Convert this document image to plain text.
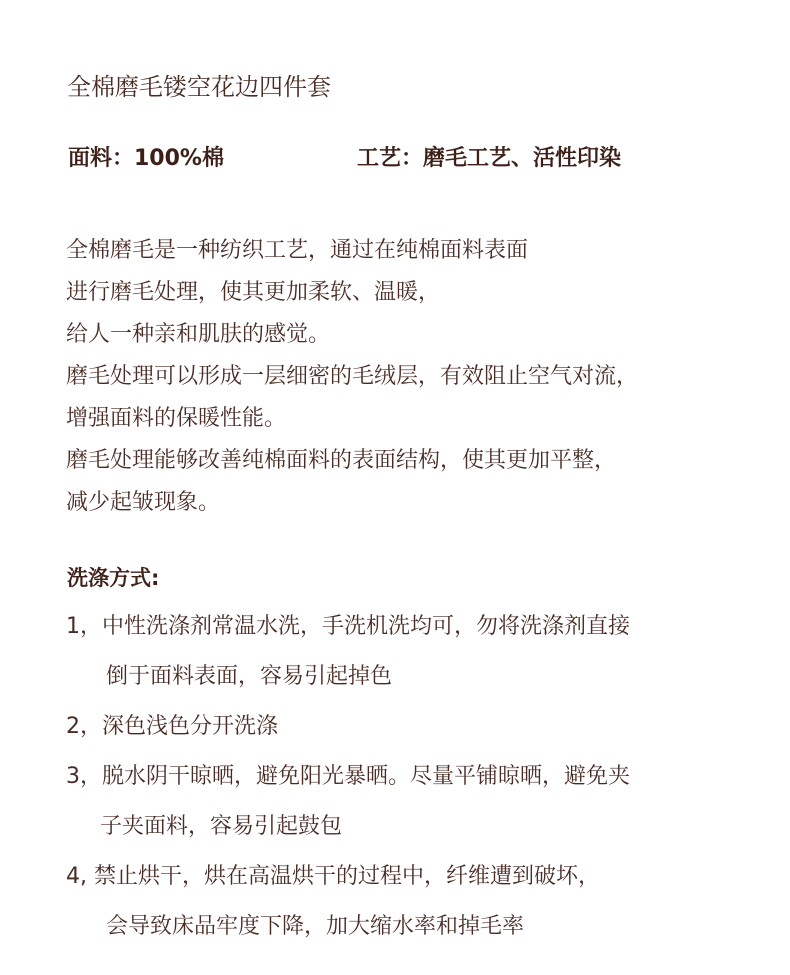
全棉磨毛镂空花边四件套
面料：100%棉	工艺：磨毛工艺、活性印染
全棉磨毛是一种纺织工艺，通过在纯棉面料表面
进行磨毛处理，使其更加柔软、温暖，
给人一种亲和肌肤的感觉。
磨毛处理可以形成一层细密的毛绒层，有效阻止空气对流，
增强面料的保暖性能。
磨毛处理能够改善纯棉面料的表面结构，使其更加平整，
减少起皱现象。
洗涤方式:
1，中性洗涤剂常温水洗，手洗机洗均可，勿将洗涤剂直接
倒于面料表面，容易引起掉色
2，深色浅色分开洗涤
3，脱水阴干晾晒，避免阳光暴晒。尽量平铺晾晒，避免夹
子夹面料，容易引起鼓包
4, 禁止烘干，烘在高温烘干的过程中，纤维遭到破坏，
会导致床品牢度下降，加大缩水率和掉毛率
